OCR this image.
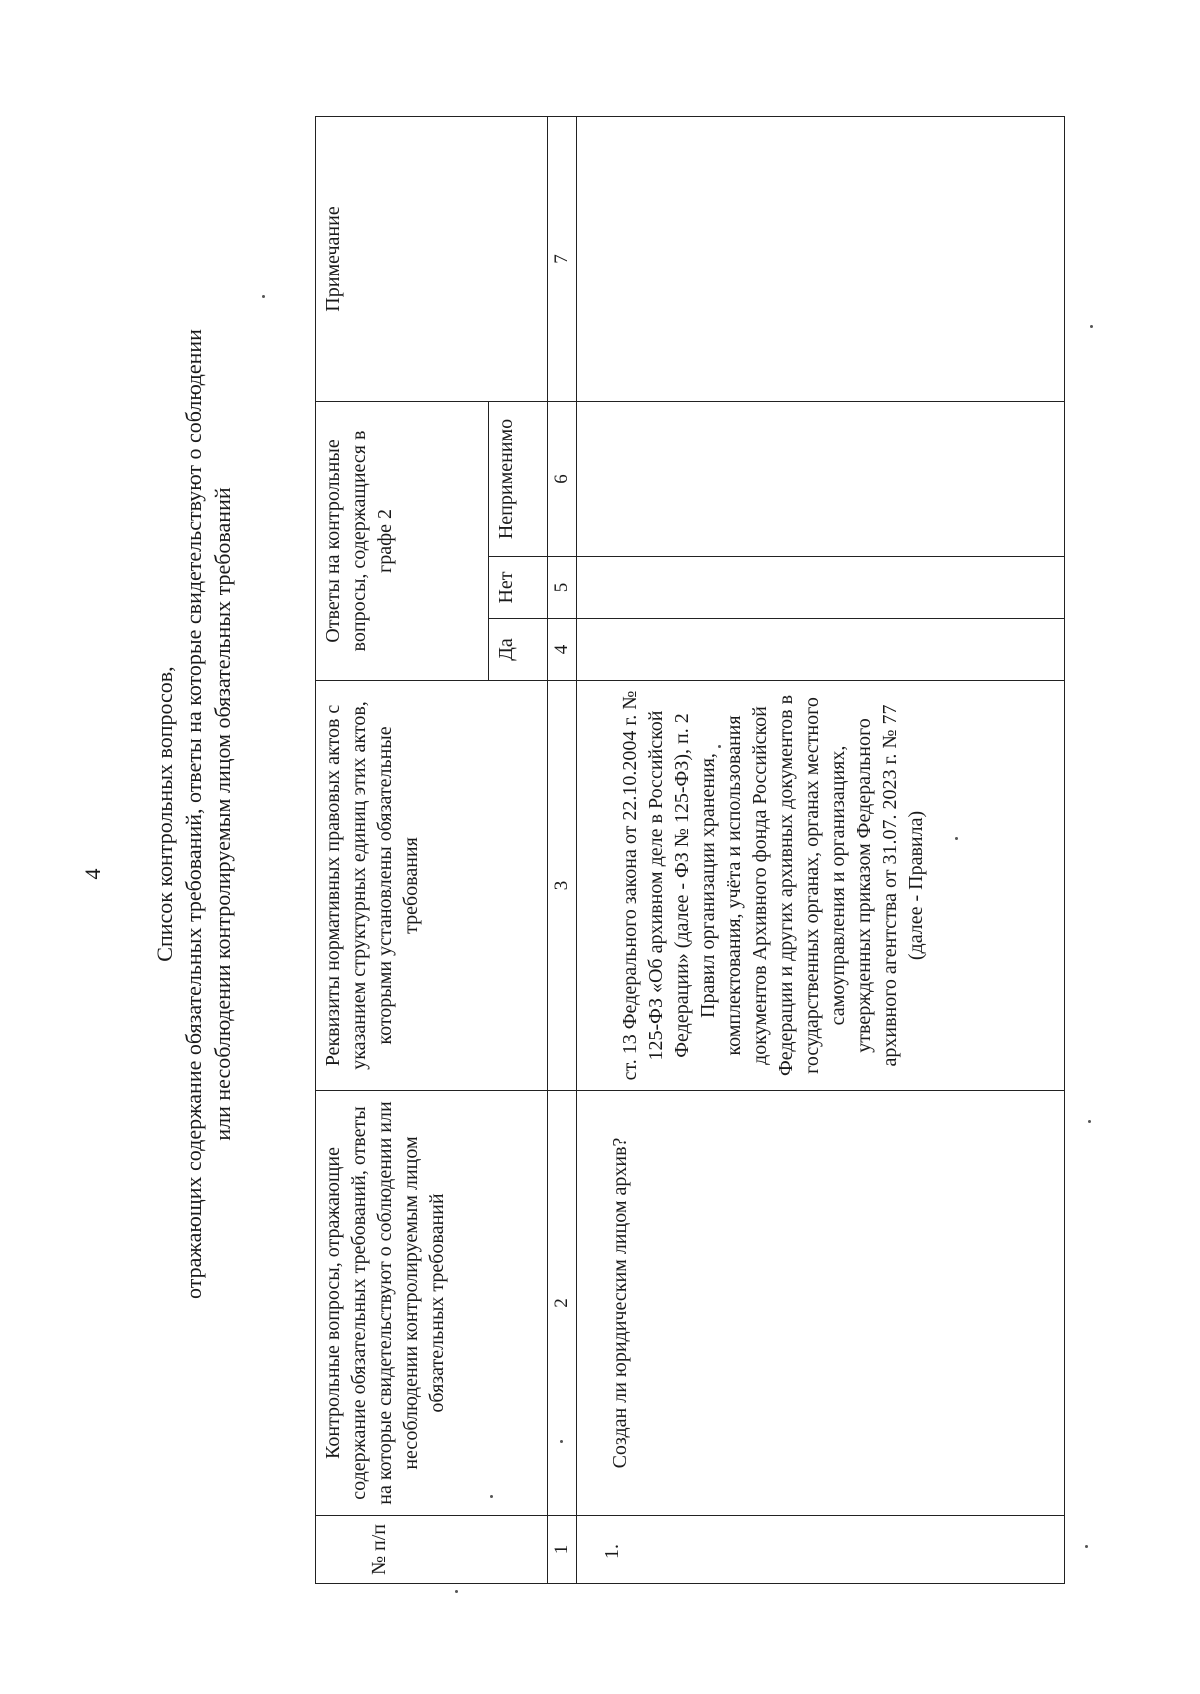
4 Список контрольных вопросов, отражающих содержание обязательных требований, ответы на которые свидетельствуют о соблюдении или несоблюдении контролируемым лицом обязательных требований
№ п/п	Контрольные вопросы, отражающие содержание обязательных требований, ответы на которые свидетельствуют о соблюдении или несоблюдении контролируемым лицом обязательных требований	Реквизиты нормативных правовых актов с указанием структурных единиц этих актов, которыми установлены обязательные требования	Ответы на контрольные вопросы, содержащиеся в графе 2			Примечание
			Да	Нет	Неприменимо	
1	2	3	4	5	6	7
1.	Создан ли юридическим лицом архив?	ст. 13 Федерального закона от 22.10.2004 г. № 125-ФЗ «Об архивном деле в Российской Федерации» (далее - ФЗ № 125-ФЗ), п. 2 Правил организации хранения, комплектования, учёта и использования документов Архивного фонда Российской Федерации и других архивных документов в государственных органах, органах местного самоуправления и организациях, утвержденных приказом Федерального архивного агентства от 31.07. 2023 г. № 77 (далее - Правила)				
